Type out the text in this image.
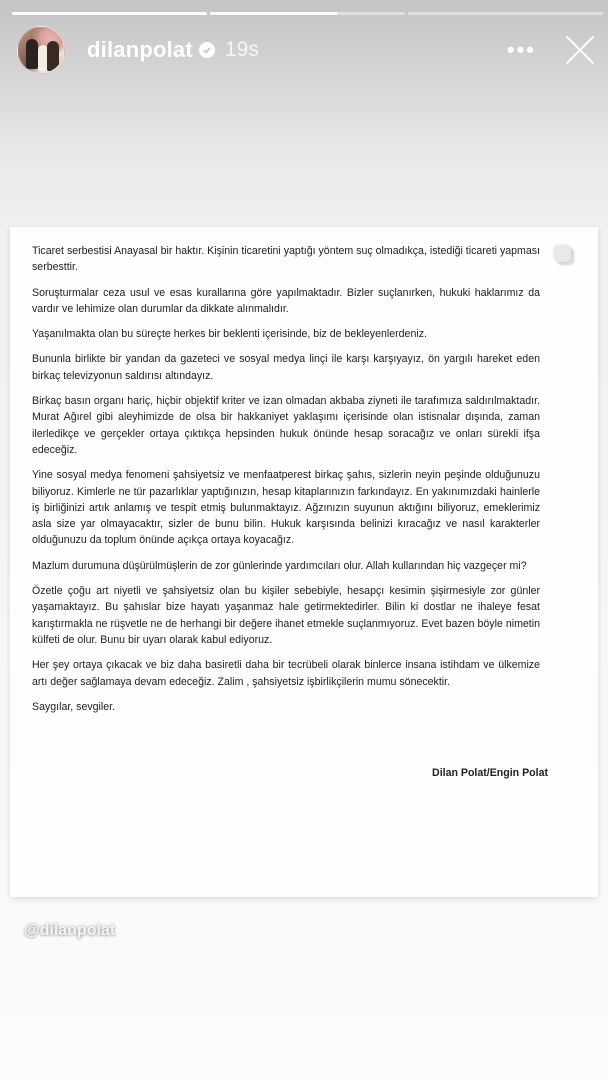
dilanpolat 19s	•••

Ticaret serbestisi Anayasal bir haktır. Kişinin ticaretini yaptığı yöntem suç olmadıkça, istediği ticareti yapması serbesttir.

Soruşturmalar ceza usul ve esas kurallarına göre yapılmaktadır. Bizler suçlanırken, hukuki haklarımız da vardır ve lehimize olan durumlar da dikkate alınmalıdır.

Yaşanılmakta olan bu süreçte herkes bir beklenti içerisinde, biz de bekleyenlerdeniz.

Bununla birlikte bir yandan da gazeteci ve sosyal medya linçi ile karşı karşıyayız, ön yargılı hareket eden birkaç televizyonun saldırısı altındayız.

Birkaç basın organı hariç, hiçbir objektif kriter ve izan olmadan akbaba ziyneti ile tarafımıza saldırılmaktadır. Murat Ağırel gibi aleyhimizde de olsa bir hakkaniyet yaklaşımı içerisinde olan istisnalar dışında, zaman ilerledikçe ve gerçekler ortaya çıktıkça hepsinden hukuk önünde hesap soracağız ve onları sürekli ifşa edeceğiz.

Yine sosyal medya fenomeni şahsiyetsiz ve menfaatperest birkaç şahıs, sizlerin neyin peşinde olduğunuzu biliyoruz. Kimlerle ne tür pazarlıklar yaptığınızın, hesap kitaplarınızın farkındayız. En yakınımızdaki hainlerle iş birliğinizi artık anlamış ve tespit etmiş bulunmaktayız. Ağzınızın suyunun aktığını biliyoruz, emeklerimiz asla size yar olmayacaktır, sizler de bunu bilin. Hukuk karşısında belinizi kıracağız ve nasıl karakterler olduğunuzu da toplum önünde açıkça ortaya koyacağız.

Mazlum durumuna düşürülmüşlerin de zor günlerinde yardımcıları olur. Allah kullarından hiç vazgeçer mi?

Özetle çoğu art niyetli ve şahsiyetsiz olan bu kişiler sebebiyle, hesapçı kesimin şişirmesiyle zor günler yaşamaktayız. Bu şahıslar bize hayatı yaşanmaz hale getirmektedirler. Bilin ki dostlar ne ihaleye fesat karıştırmakla ne rüşvetle ne de herhangi bir değere ihanet etmekle suçlanmıyoruz. Evet bazen böyle nimetin külfeti de olur. Bunu bir uyarı olarak kabul ediyoruz.

Her şey ortaya çıkacak ve biz daha basiretli daha bir tecrübeli olarak binlerce insana istihdam ve ülkemize artı değer sağlamaya devam edeceğiz. Zalim , şahsiyetsiz işbirlikçilerin mumu sönecektir.

Saygılar, sevgiler.

Dilan Polat/Engin Polat
@dilanpolat
